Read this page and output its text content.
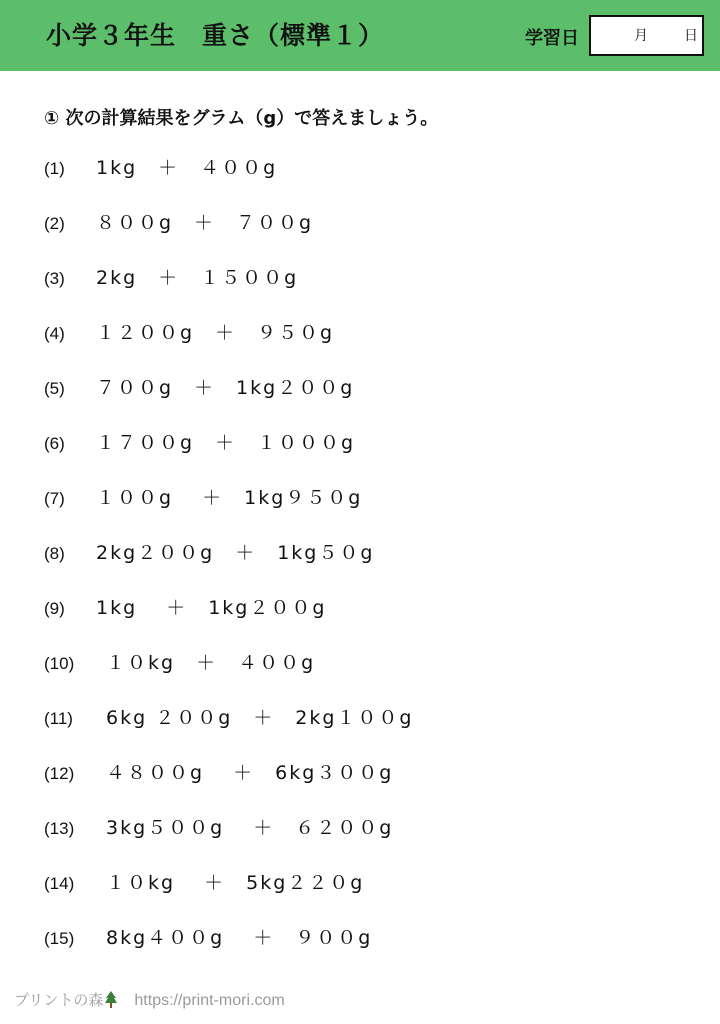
小学３年生　重さ（標準１）	学習日	月	日
① 次の計算結果をグラム（g）で答えましょう。
(1) 1kg　＋　４００g
(2) ８００g　＋　７００g
(3) 2kg　＋　１５００g
(4) １２００g　＋　９５０g
(5) ７００g　＋　1kg２００g
(6) １７００g　＋　１０００g
(7) １００g　 ＋　1kg９５０g
(8) 2kg２００g　＋　1kg５０g
(9) 1kg　 ＋　1kg２００g
(10) １０kg　＋　４００g
(11) 6kg ２００g　＋　2kg１００g
(12) ４８００g　 ＋　6kg３００g
(13) 3kg５００g　 ＋　６２００g
(14) １０kg　 ＋　5kg２２０g
(15) 8kg４００g　 ＋　９００g
プリントの森 https://print-mori.com
